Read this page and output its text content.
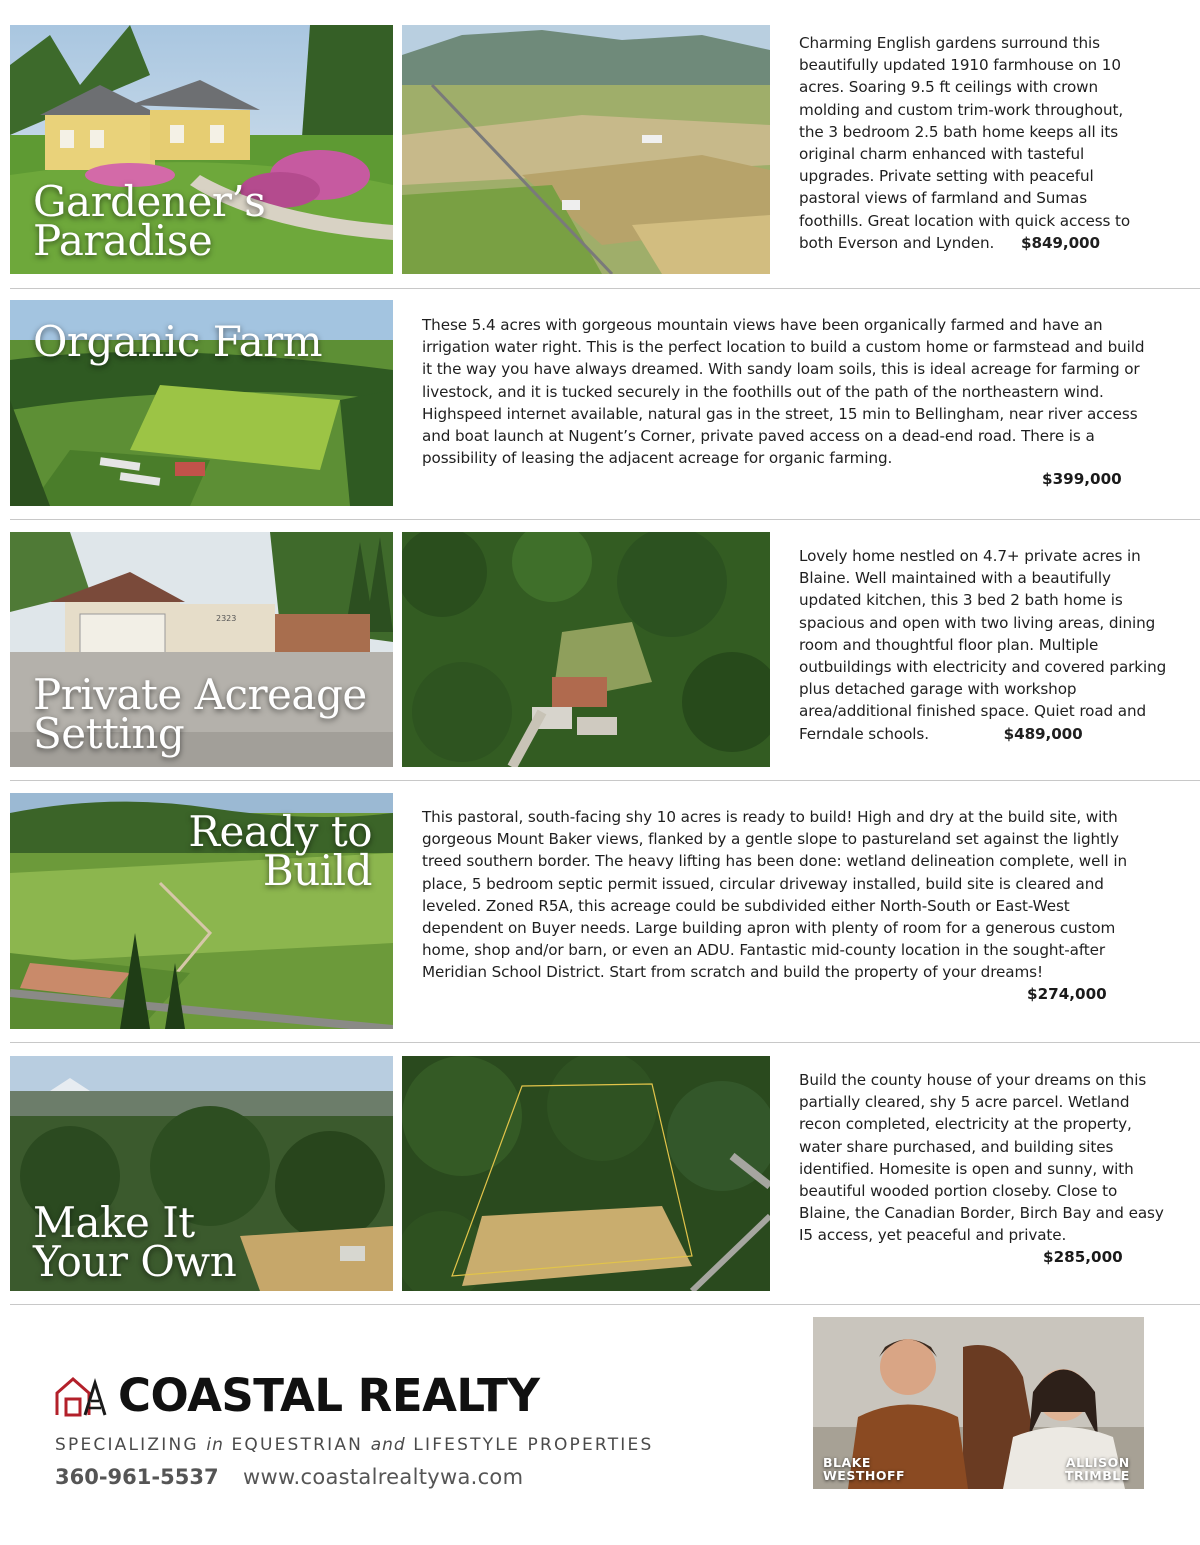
Gardener’s
Paradise

Charming English gardens surround this beautifully updated 1910 farmhouse on 10 acres. Soaring 9.5 ft ceilings with crown molding and custom trim-work throughout, the 3 bedroom 2.5 bath home keeps all its original charm enhanced with tasteful upgrades. Private setting with peaceful pastoral views of farmland and Sumas foothills. Great location with quick access to both Everson and Lynden. $849,000

Organic Farm	These 5.4 acres with gorgeous mountain views have been organically farmed and have an irrigation water right. This is the perfect location to build a custom home or farmstead and build it the way you have always dreamed. With sandy loam soils, this is ideal acreage for farming or livestock, and it is tucked securely in the foothills out of the path of the northeastern wind. Highspeed internet available, natural gas in the street, 15 min to Bellingham, near river access and boat launch at Nugent’s Corner, private paved access on a dead-end road. There is a possibility of leasing the adjacent acreage for organic farming.

$399,000
2323
Private Acreage
Setting

Lovely home nestled on 4.7+ private acres in Blaine. Well maintained with a beautifully updated kitchen, this 3 bed 2 bath home is spacious and open with two living areas, dining room and thoughtful floor plan. Multiple outbuildings with electricity and covered parking plus detached garage with workshop area/additional finished space. Quiet road and Ferndale schools.	$489,000

Ready to
Build

This pastoral, south-facing shy 10 acres is ready to build! High and dry at the build site, with gorgeous Mount Baker views, flanked by a gentle slope to pastureland set against the lightly treed southern border. The heavy lifting has been done: wetland delineation complete, well in place, 5 bedroom septic permit issued, circular driveway installed, build site is cleared and leveled. Zoned R5A, this acreage could be subdivided either North-South or East-West dependent on Buyer needs. Large building apron with plenty of room for a generous custom home, shop and/or barn, or even an ADU. Fantastic mid-county location in the sought-after Meridian School District. Start from scratch and build the property of your dreams!

$274,000
Make It
Your Own

Build the county house of your dreams on this partially cleared, shy 5 acre parcel. Wetland recon completed, electricity at the property, water share purchased, and building sites identified. Homesite is open and sunny, with beautiful wooded portion closeby. Close to Blaine, the Canadian Border, Birch Bay and easy I5 access, yet peaceful and private.

$285,000
COASTAL REALTY
SPECIALIZING in EQUESTRIAN and LIFESTYLE PROPERTIES
360-961-5537 www.coastalrealtywa.com
BLAKE
WESTHOFF
ALLISON
TRIMBLE
